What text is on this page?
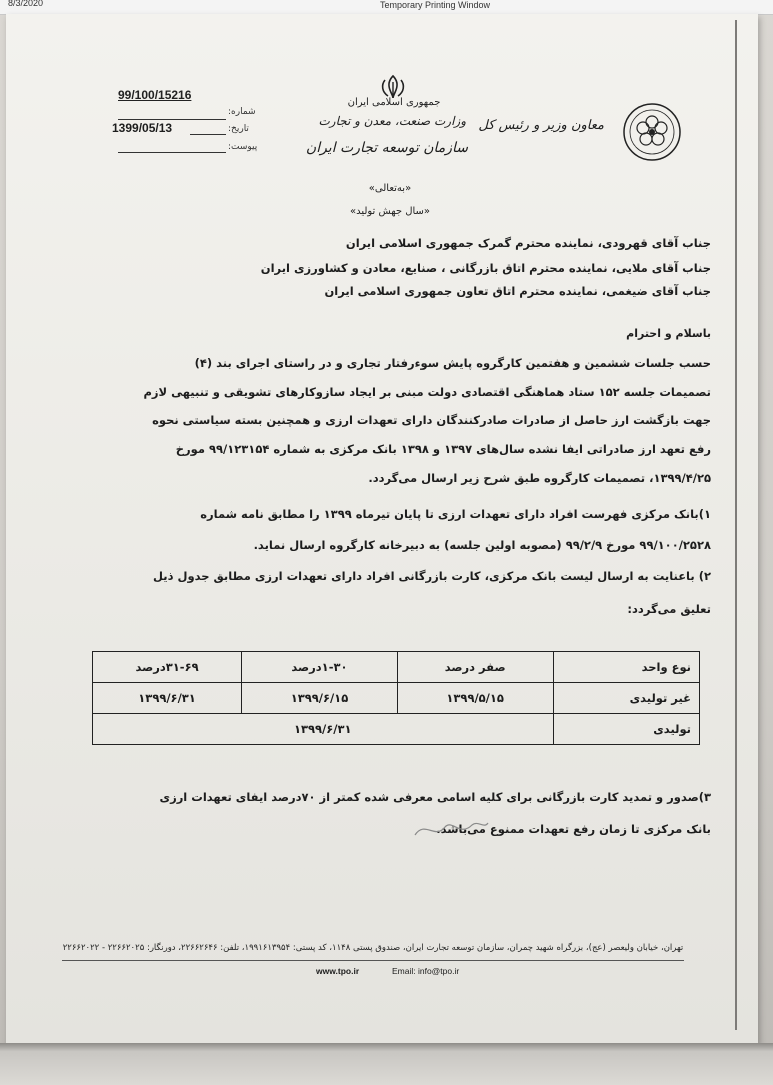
8/3/2020	Temporary Printing Window
99/100/15216
شماره:
1399/05/13	تاریخ:
پیوست:
جمهوری اسلامی ایران
وزارت صنعت، معدن و تجارت
سازمان توسعه تجارت ایران
معاون وزیر و رئیس کل
«به‌تعالی»
«سال جهش تولید»
جناب آقای قهرودی، نماینده محترم گمرک جمهوری اسلامی ایران
جناب آقای ملایی، نماینده محترم اتاق بازرگانی ، صنایع، معادن و کشاورزی ایران
جناب آقای ضیغمی، نماینده محترم اتاق تعاون جمهوری اسلامی ایران
باسلام و احترام
حسب جلسات ششمین و هفتمین کارگروه پایش سوءرفتار تجاری و در راستای اجرای بند (۴)
تصمیمات جلسه ۱۵۲ ستاد هماهنگی اقتصادی دولت مبنی بر ایجاد سازوکارهای تشویقی و تنبیهی لازم
جهت بازگشت ارز حاصل از صادرات صادرکنندگان دارای تعهدات ارزی و همچنین بسته سیاستی نحوه
رفع تعهد ارز صادراتی ایفا نشده سال‌های ۱۳۹۷ و ۱۳۹۸ بانک مرکزی به شماره ۹۹/۱۲۳۱۵۴ مورخ
۱۳۹۹/۴/۲۵، تصمیمات کارگروه طبق شرح زیر ارسال می‌گردد.
۱)بانک مرکزی فهرست افراد دارای تعهدات ارزی تا پایان تیرماه ۱۳۹۹ را مطابق نامه شماره
۹۹/۱۰۰/۲۵۲۸ مورخ ۹۹/۲/۹ (مصوبه اولین جلسه) به دبیرخانه کارگروه ارسال نماید.
۲) باعنایت به ارسال لیست بانک مرکزی، کارت بازرگانی افراد دارای تعهدات ارزی مطابق جدول ذیل
تعلیق می‌گردد:
نوع واحد	صفر درصد	۱-۳۰درصد	۳۱-۶۹درصد
غیر تولیدی	۱۳۹۹/۵/۱۵	۱۳۹۹/۶/۱۵	۱۳۹۹/۶/۳۱
تولیدی	۱۳۹۹/۶/۳۱		
۳)صدور و تمدید کارت بازرگانی برای کلیه اسامی معرفی شده کمتر از ۷۰درصد ایفای تعهدات ارزی
بانک مرکزی تا زمان رفع تعهدات ممنوع می‌باشد.
تهران، خیابان ولیعصر (عج)، بزرگراه شهید چمران، سازمان توسعه تجارت ایران، صندوق پستی ۱۱۴۸، کد پستی: ۱۹۹۱۶۱۳۹۵۴، تلفن: ۲۲۶۶۲۶۴۶، دورنگار: ۲۲۶۶۲۰۲۵ - ۲۲۶۶۲۰۲۲
www.tpo.ir	Email: info@tpo.ir
